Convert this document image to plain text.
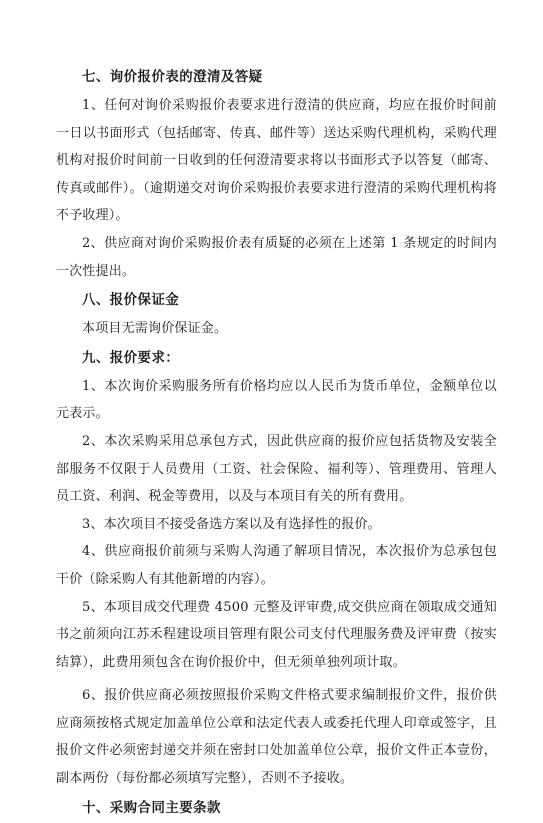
七、询价报价表的澄清及答疑

1、任何对询价采购报价表要求进行澄清的供应商，均应在报价时间前一日以书面形式（包括邮寄、传真、邮件等）送达采购代理机构，采购代理机构对报价时间前一日收到的任何澄清要求将以书面形式予以答复（邮寄、传真或邮件）。（逾期递交对询价采购报价表要求进行澄清的采购代理机构将不予收理）。

2、供应商对询价采购报价表有质疑的必须在上述第 1 条规定的时间内一次性提出。

八、报价保证金

本项目无需询价保证金。

九、报价要求：

1、本次询价采购服务所有价格均应以人民币为货币单位，金额单位以元表示。

2、本次采购采用总承包方式，因此供应商的报价应包括货物及安装全部服务不仅限于人员费用（工资、社会保险、福利等）、管理费用、管理人员工资、利润、税金等费用，以及与本项目有关的所有费用。

3、本次项目不接受备选方案以及有选择性的报价。

4、供应商报价前须与采购人沟通了解项目情况，本次报价为总承包包干价（除采购人有其他新增的内容）。

5、本项目成交代理费 4500 元整及评审费,成交供应商在领取成交通知书之前须向江苏禾程建设项目管理有限公司支付代理服务费及评审费（按实结算），此费用须包含在询价报价中，但无须单独列项计取。

6、报价供应商必须按照报价采购文件格式要求编制报价文件，报价供应商须按格式规定加盖单位公章和法定代表人或委托代理人印章或签字，且报价文件必须密封递交并须在密封口处加盖单位公章，报价文件正本壹份，副本两份（每份都必须填写完整），否则不予接收。

十、采购合同主要条款
